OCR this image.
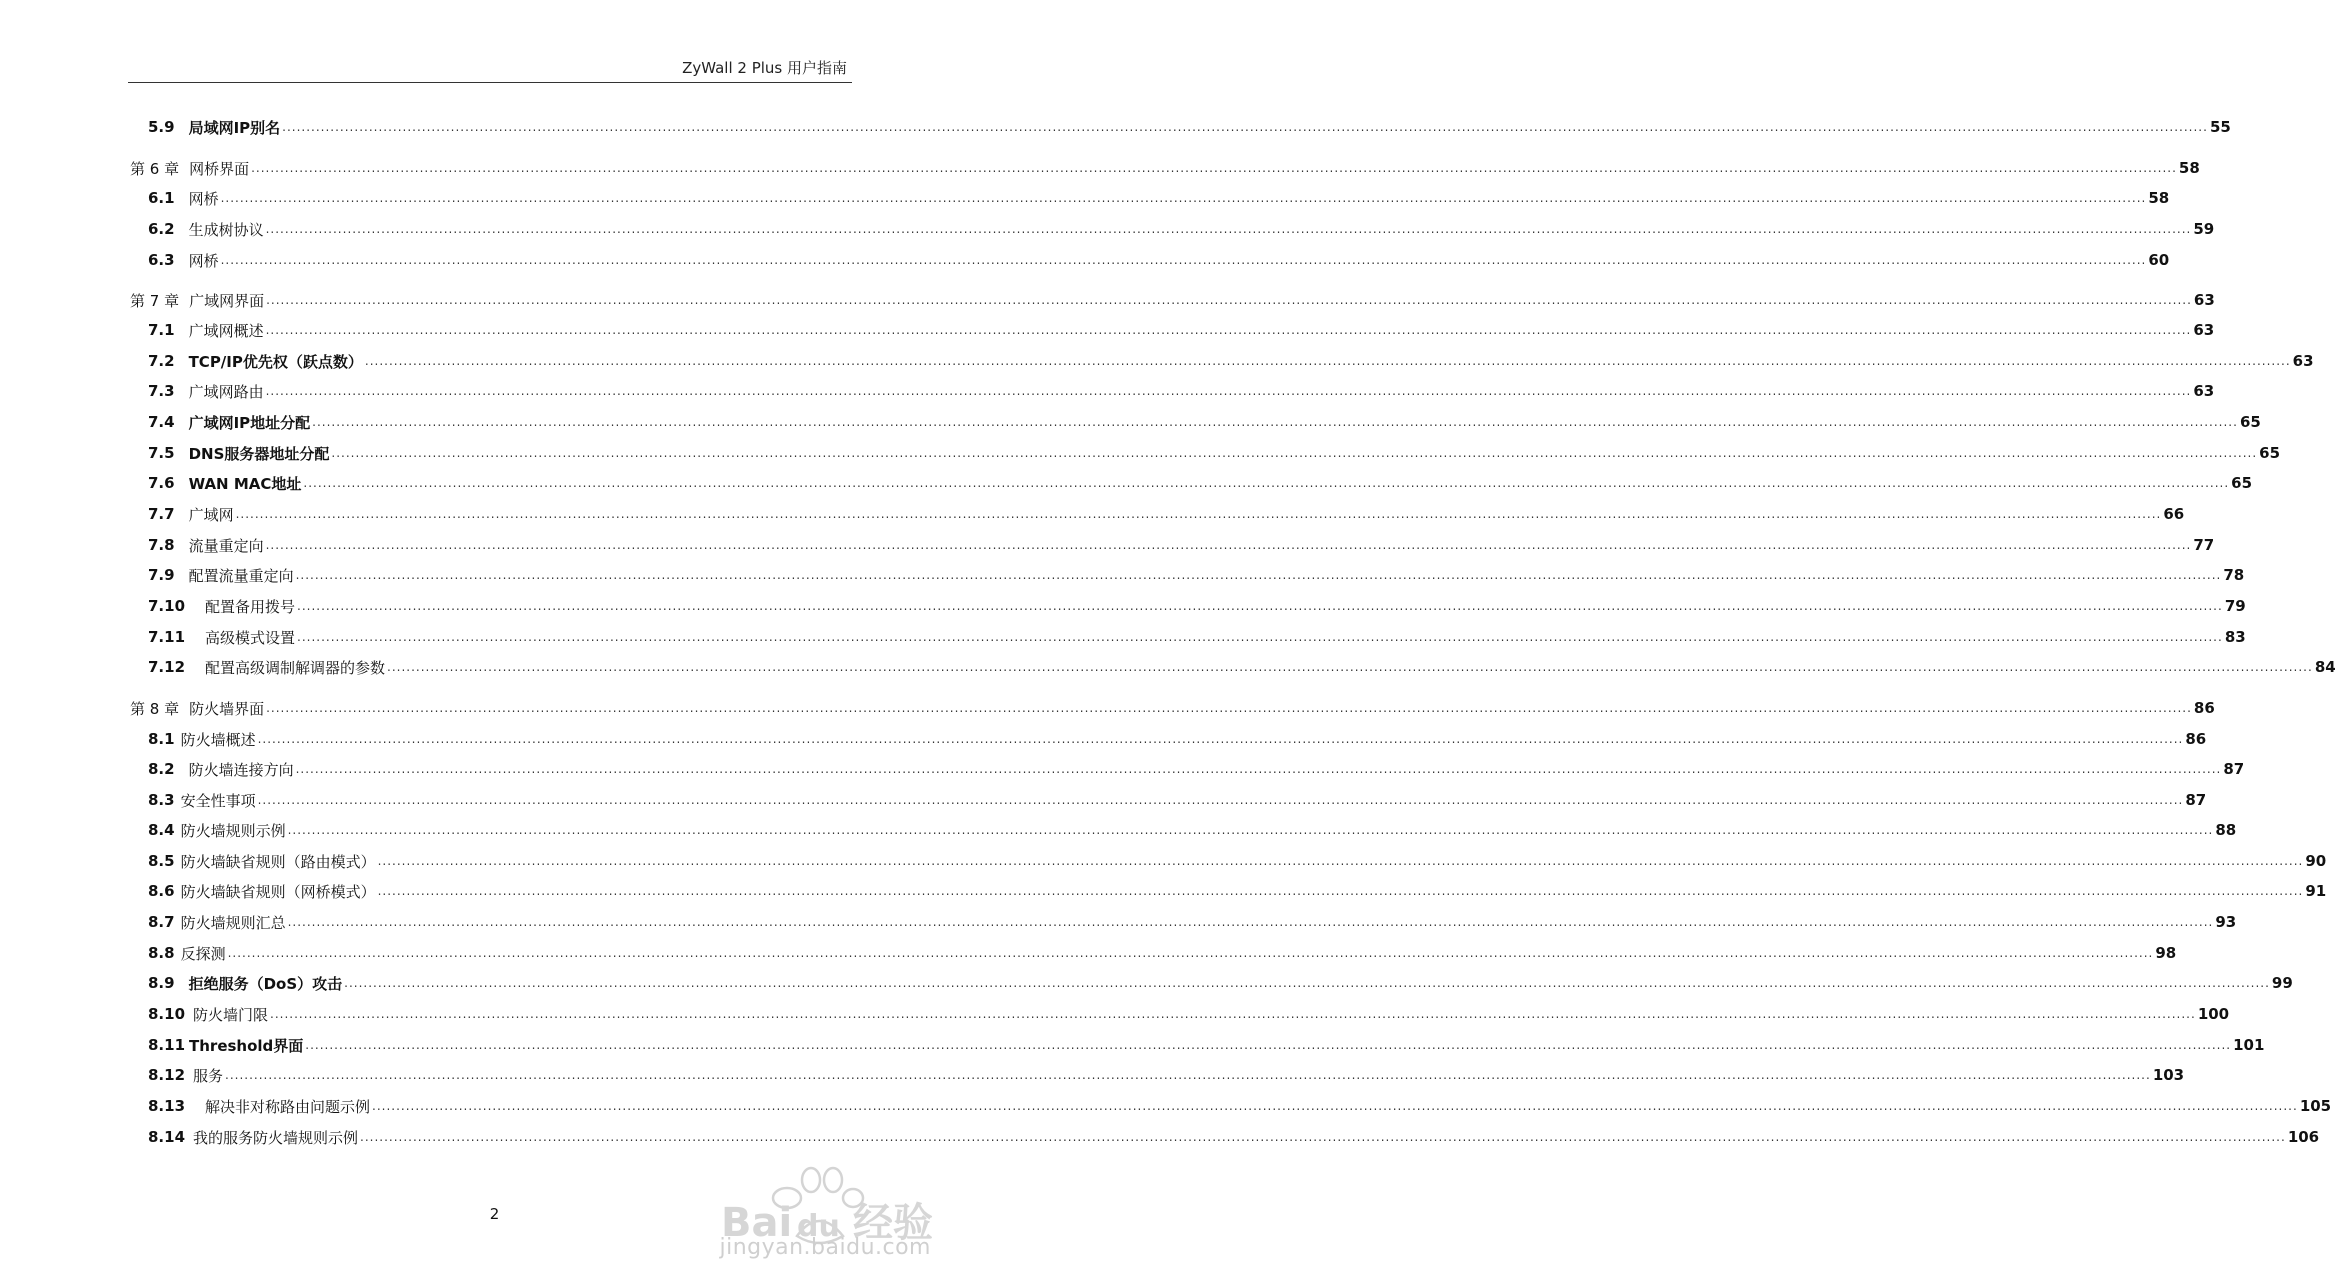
ZyWall 2 Plus 用户指南
5.9 局域网IP别名 ................................................................................................................................................................................................................................................................................................................................................................................................................ 55
第 6 章 网桥界面 ................................................................................................................................................................................................................................................................................................................................................................................................................ 58
6.1 网桥 ................................................................................................................................................................................................................................................................................................................................................................................................................ 58
6.2 生成树协议 ................................................................................................................................................................................................................................................................................................................................................................................................................ 59
6.3 网桥 ................................................................................................................................................................................................................................................................................................................................................................................................................ 60
第 7 章 广域网界面 ................................................................................................................................................................................................................................................................................................................................................................................................................ 63
7.1 广域网概述 ................................................................................................................................................................................................................................................................................................................................................................................................................ 63
7.2 TCP/IP优先权（跃点数） ................................................................................................................................................................................................................................................................................................................................................................................................................ 63
7.3 广域网路由 ................................................................................................................................................................................................................................................................................................................................................................................................................ 63
7.4 广域网IP地址分配 ................................................................................................................................................................................................................................................................................................................................................................................................................ 65
7.5 DNS服务器地址分配 ................................................................................................................................................................................................................................................................................................................................................................................................................ 65
7.6 WAN MAC地址 ................................................................................................................................................................................................................................................................................................................................................................................................................ 65
7.7 广域网 ................................................................................................................................................................................................................................................................................................................................................................................................................ 66
7.8 流量重定向 ................................................................................................................................................................................................................................................................................................................................................................................................................ 77
7.9 配置流量重定向 ................................................................................................................................................................................................................................................................................................................................................................................................................ 78
7.10 配置备用拨号 ................................................................................................................................................................................................................................................................................................................................................................................................................ 79
7.11 高级模式设置 ................................................................................................................................................................................................................................................................................................................................................................................................................ 83
7.12 配置高级调制解调器的参数 ................................................................................................................................................................................................................................................................................................................................................................................................................ 84
第 8 章 防火墙界面 ................................................................................................................................................................................................................................................................................................................................................................................................................ 86
8.1 防火墙概述 ................................................................................................................................................................................................................................................................................................................................................................................................................ 86
8.2 防火墙连接方向 ................................................................................................................................................................................................................................................................................................................................................................................................................ 87
8.3 安全性事项 ................................................................................................................................................................................................................................................................................................................................................................................................................ 87
8.4 防火墙规则示例 ................................................................................................................................................................................................................................................................................................................................................................................................................ 88
8.5 防火墙缺省规则（路由模式） ................................................................................................................................................................................................................................................................................................................................................................................................................ 90
8.6 防火墙缺省规则（网桥模式） ................................................................................................................................................................................................................................................................................................................................................................................................................ 91
8.7 防火墙规则汇总 ................................................................................................................................................................................................................................................................................................................................................................................................................ 93
8.8 反探测 ................................................................................................................................................................................................................................................................................................................................................................................................................ 98
8.9 拒绝服务（DoS）攻击 ................................................................................................................................................................................................................................................................................................................................................................................................................ 99
8.10 防火墙门限 ................................................................................................................................................................................................................................................................................................................................................................................................................ 100
8.11 Threshold界面 ................................................................................................................................................................................................................................................................................................................................................................................................................ 101
8.12 服务 ................................................................................................................................................................................................................................................................................................................................................................................................................ 103
8.13 解决非对称路由问题示例 ................................................................................................................................................................................................................................................................................................................................................................................................................ 105
8.14 我的服务防火墙规则示例 ................................................................................................................................................................................................................................................................................................................................................................................................................ 106
2	Bai 经验
du
jingyan.baidu.com
